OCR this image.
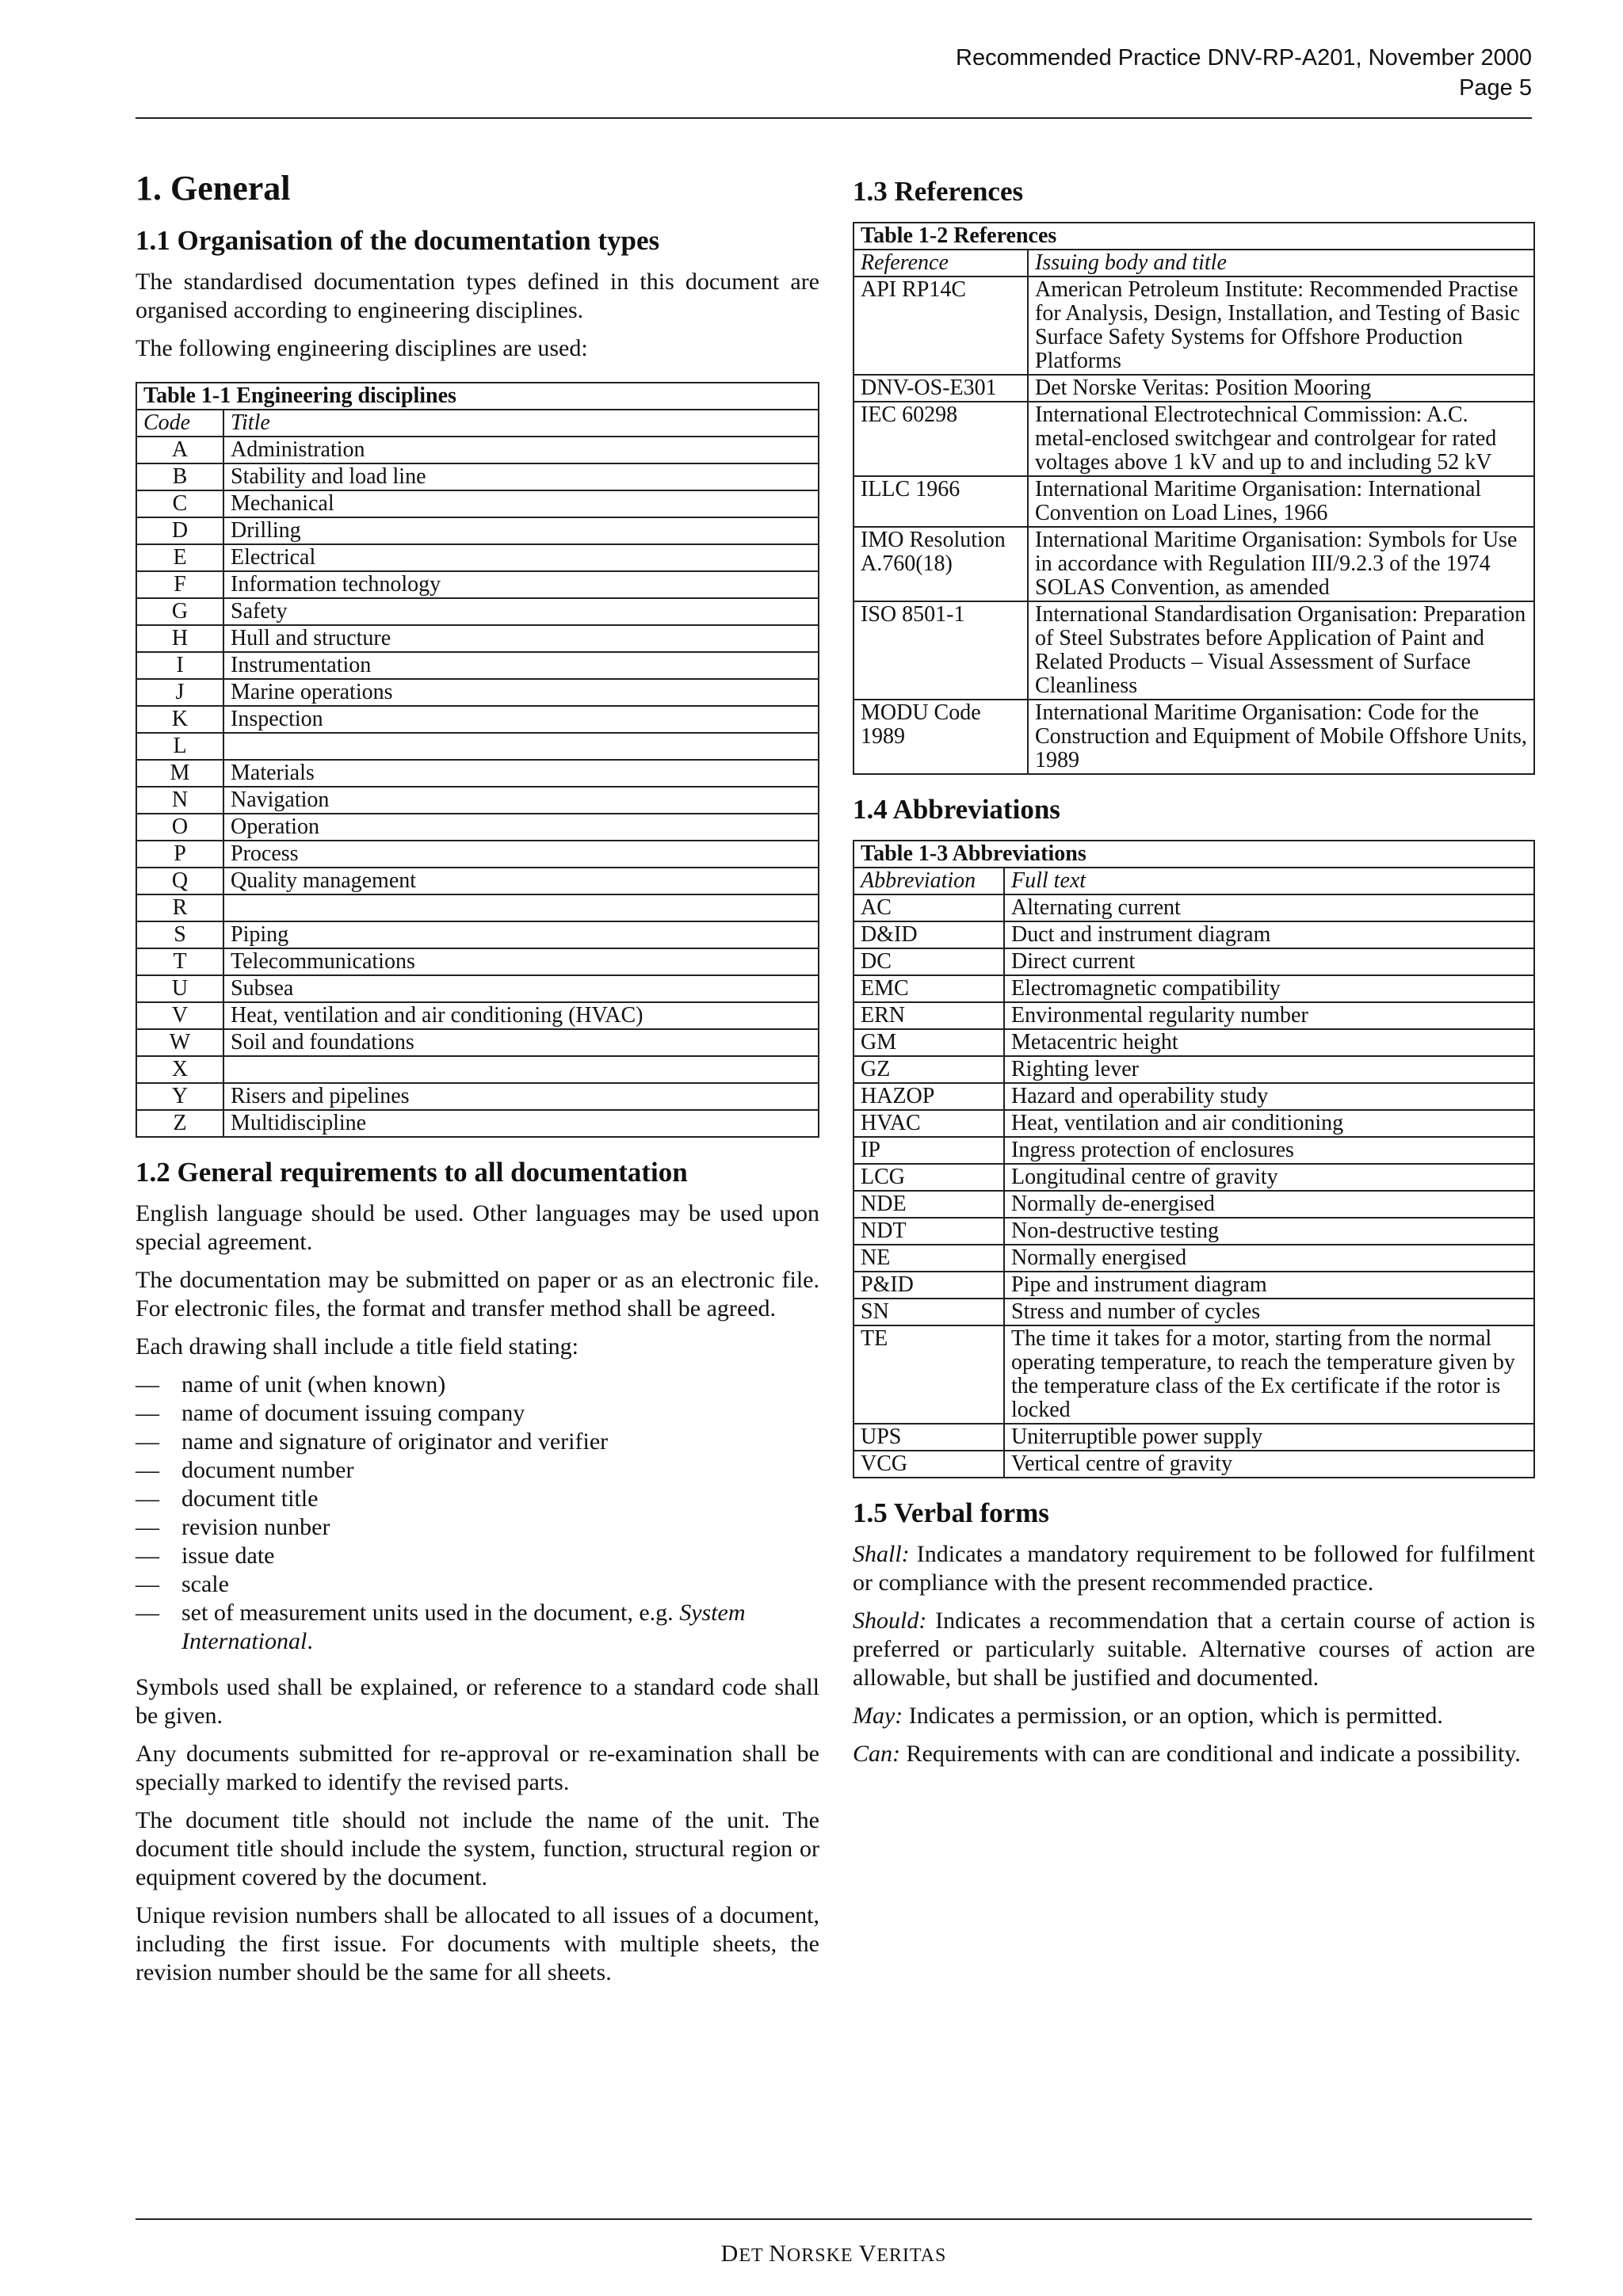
Recommended Practice DNV-RP-A201, November 2000
Page 5
1. General
1.1 Organisation of the documentation types

The standardised documentation types defined in this document are organised according to engineering disciplines.

The following engineering disciplines are used:

Table 1-1 Engineering disciplines	
Code	Title
A	Administration
B	Stability and load line
C	Mechanical
D	Drilling
E	Electrical
F	Information technology
G	Safety
H	Hull and structure
I	Instrumentation
J	Marine operations
K	Inspection
L	
M	Materials
N	Navigation
O	Operation
P	Process
Q	Quality management
R	
S	Piping
T	Telecommunications
U	Subsea
V	Heat, ventilation and air conditioning (HVAC)
W	Soil and foundations
X	
Y	Risers and pipelines
Z	Multidiscipline
1.2 General requirements to all documentation

English language should be used. Other languages may be used upon special agreement.

The documentation may be submitted on paper or as an electronic file. For electronic files, the format and transfer method shall be agreed.

Each drawing shall include a title field stating:

— name of unit (when known)
— name of document issuing company
— name and signature of originator and verifier
— document number
— document title
— revision nunber
— issue date
— scale
— set of measurement units used in the document, e.g. System International.

Symbols used shall be explained, or reference to a standard code shall be given.

Any documents submitted for re-approval or re-examination shall be specially marked to identify the revised parts.

The document title should not include the name of the unit. The document title should include the system, function, structural region or equipment covered by the document.

Unique revision numbers shall be allocated to all issues of a document, including the first issue. For documents with multiple sheets, the revision number should be the same for all sheets.

1.3 References
Table 1-2 References	
Reference	Issuing body and title
API RP14C	American Petroleum Institute: Recommended Practise for Analysis, Design, Installation, and Testing of Basic Surface Safety Systems for Offshore Production Platforms
DNV-OS-E301	Det Norske Veritas: Position Mooring
IEC 60298	International Electrotechnical Commission: A.C. metal-enclosed switchgear and controlgear for rated voltages above 1 kV and up to and including 52 kV
ILLC 1966	International Maritime Organisation: International Convention on Load Lines, 1966
IMO Resolution A.760(18)	International Maritime Organisation: Symbols for Use in accordance with Regulation III/9.2.3 of the 1974 SOLAS Convention, as amended
ISO 8501-1	International Standardisation Organisation: Preparation of Steel Substrates before Application of Paint and Related Products – Visual Assessment of Surface Cleanliness
MODU Code 1989	International Maritime Organisation: Code for the Construction and Equipment of Mobile Offshore Units, 1989
1.4 Abbreviations
Table 1-3 Abbreviations	
Abbreviation	Full text
AC	Alternating current
D&ID	Duct and instrument diagram
DC	Direct current
EMC	Electromagnetic compatibility
ERN	Environmental regularity number
GM	Metacentric height
GZ	Righting lever
HAZOP	Hazard and operability study
HVAC	Heat, ventilation and air conditioning
IP	Ingress protection of enclosures
LCG	Longitudinal centre of gravity
NDE	Normally de-energised
NDT	Non-destructive testing
NE	Normally energised
P&ID	Pipe and instrument diagram
SN	Stress and number of cycles
TE	The time it takes for a motor, starting from the normal operating temperature, to reach the temperature given by the temperature class of the Ex certificate if the rotor is locked
UPS	Uniterruptible power supply
VCG	Vertical centre of gravity
1.5 Verbal forms

Shall: Indicates a mandatory requirement to be followed for fulfilment or compliance with the present recommended practice.

Should: Indicates a recommendation that a certain course of action is preferred or particularly suitable. Alternative courses of action are allowable, but shall be justified and documented.

May: Indicates a permission, or an option, which is permitted.

Can: Requirements with can are conditional and indicate a possibility.

DET NORSKE VERITAS
